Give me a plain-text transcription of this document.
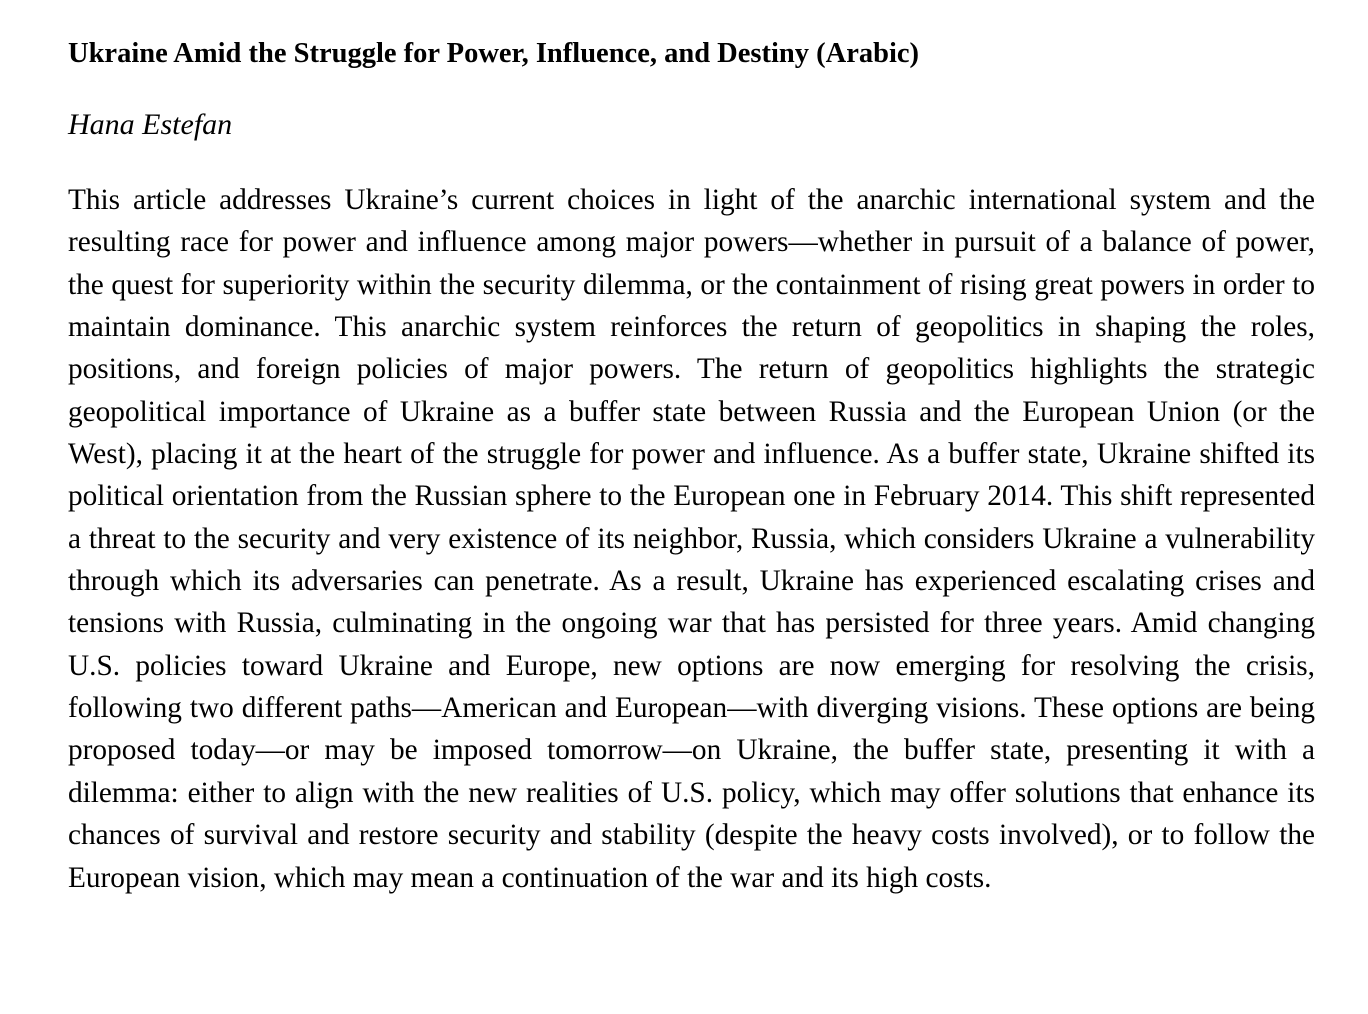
Ukraine Amid the Struggle for Power, Influence, and Destiny (Arabic)
Hana Estefan

This article addresses Ukraine’s current choices in light of the anarchic international system and the resulting race for power and influence among major powers—whether in pursuit of a balance of power, the quest for superiority within the security dilemma, or the containment of rising great powers in order to maintain dominance. This anarchic system reinforces the return of geopolitics in shaping the roles, positions, and foreign policies of major powers. The return of geopolitics highlights the strategic geopolitical importance of Ukraine as a buffer state between Russia and the European Union (or the West), placing it at the heart of the struggle for power and influence. As a buffer state, Ukraine shifted its political orientation from the Russian sphere to the European one in February 2014. This shift represented a threat to the security and very existence of its neighbor, Russia, which considers Ukraine a vulnerability through which its adversaries can penetrate. As a result, Ukraine has experienced escalating crises and tensions with Russia, culminating in the ongoing war that has persisted for three years. Amid changing U.S. policies toward Ukraine and Europe, new options are now emerging for resolving the crisis, following two different paths—American and European—with diverging visions. These options are being proposed today—or may be imposed tomorrow—on Ukraine, the buffer state, presenting it with a dilemma: either to align with the new realities of U.S. policy, which may offer solutions that enhance its chances of survival and restore security and stability (despite the heavy costs involved), or to follow the European vision, which may mean a continuation of the war and its high costs.
